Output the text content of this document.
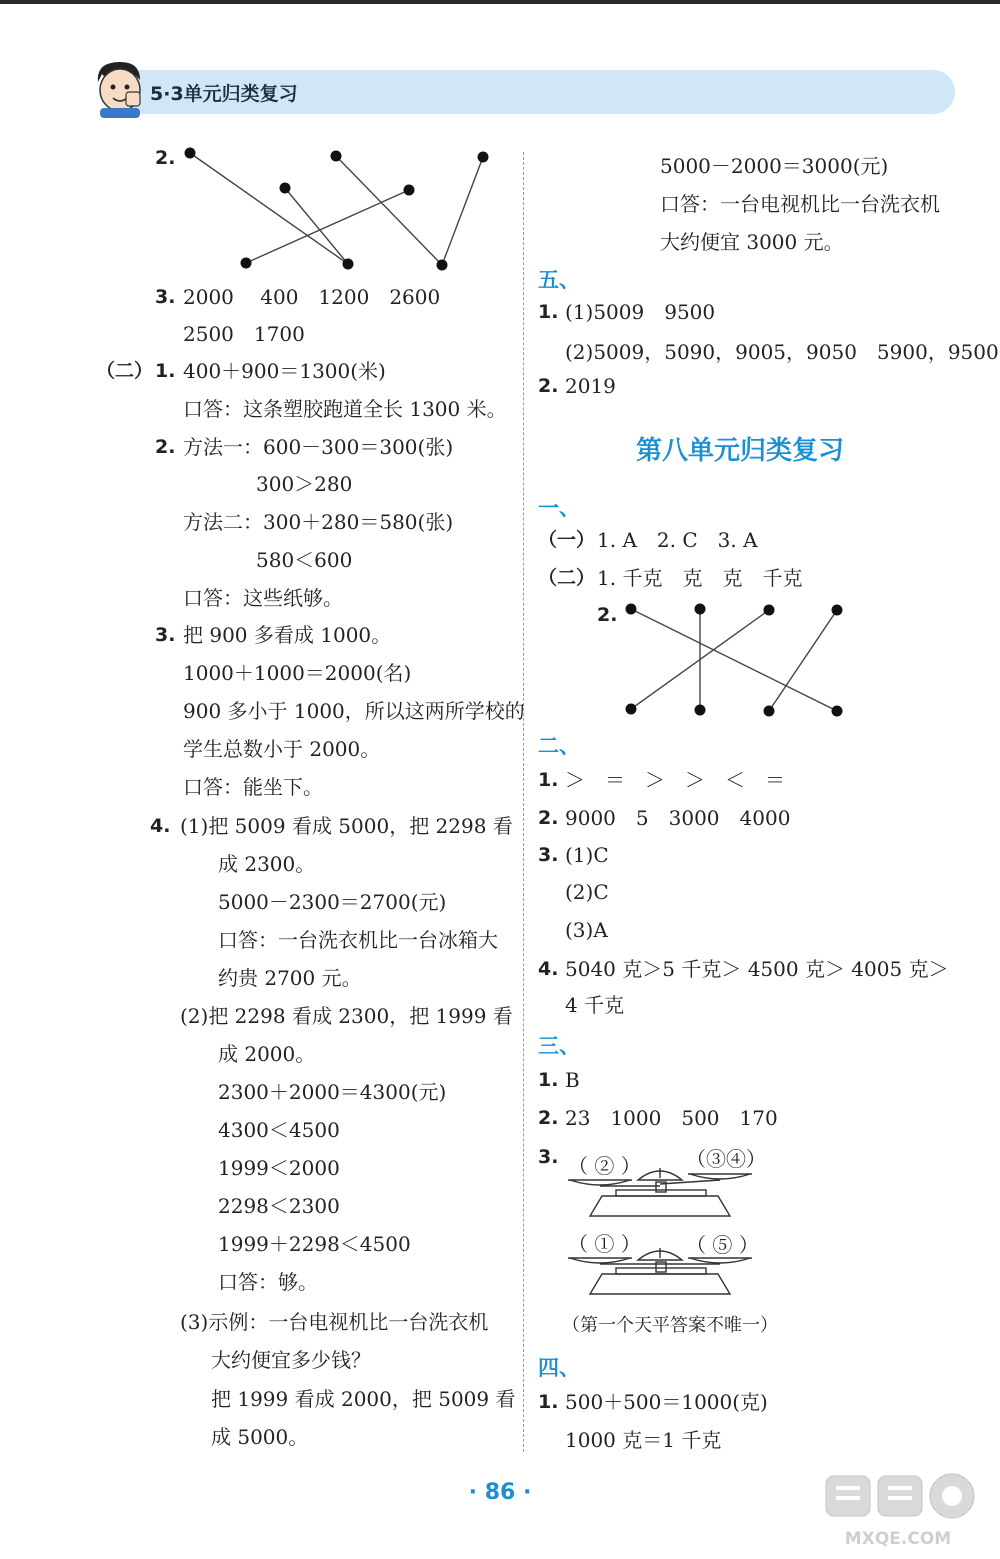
5·3单元归类复习
2.
3. 2000　 400　1200　2600
2500　1700
（二） 1. 400＋900＝1300(米)
口答：这条塑胶跑道全长 1300 米。
2. 方法一：600－300＝300(张)
300＞280
方法二：300＋280＝580(张)
580＜600
口答：这些纸够。
3. 把 900 多看成 1000。
1000＋1000＝2000(名)
900 多小于 1000，所以这两所学校的
学生总数小于 2000。
口答：能坐下。
4. (1)把 5009 看成 5000，把 2298 看
成 2300。
5000－2300＝2700(元)
口答：一台洗衣机比一台冰箱大
约贵 2700 元。
(2)把 2298 看成 2300，把 1999 看
成 2000。
2300＋2000＝4300(元)
4300＜4500
1999＜2000
2298＜2300
1999＋2298＜4500
口答：够。
(3)示例：一台电视机比一台洗衣机
大约便宜多少钱？
把 1999 看成 2000，把 5009 看
成 5000。
5000－2000＝3000(元)
口答：一台电视机比一台洗衣机
大约便宜 3000 元。
五、
1. (1)5009　9500
(2)5009，5090，9005，9050　5900，9500
2. 2019
第八单元归类复习
一、
（一） 1. A　2. C　3. A
（二） 1. 千克　克　克　千克
2.
二、
1. ＞　＝　＞　＞　＜　＝
2. 9000　5　3000　4000
3. (1)C
(2)C
(3)A
4. 5040 克＞5 千克＞ 4500 克＞ 4005 克＞
4 千克
三、
1. B
2. 23　1000　500　170
3. （ ② ） （③④）
（ ① ） （ ⑤ ）
（第一个天平答案不唯一）
四、
1. 500＋500＝1000(克)
1000 克＝1 千克
· 86 ·
MXQE.COM
